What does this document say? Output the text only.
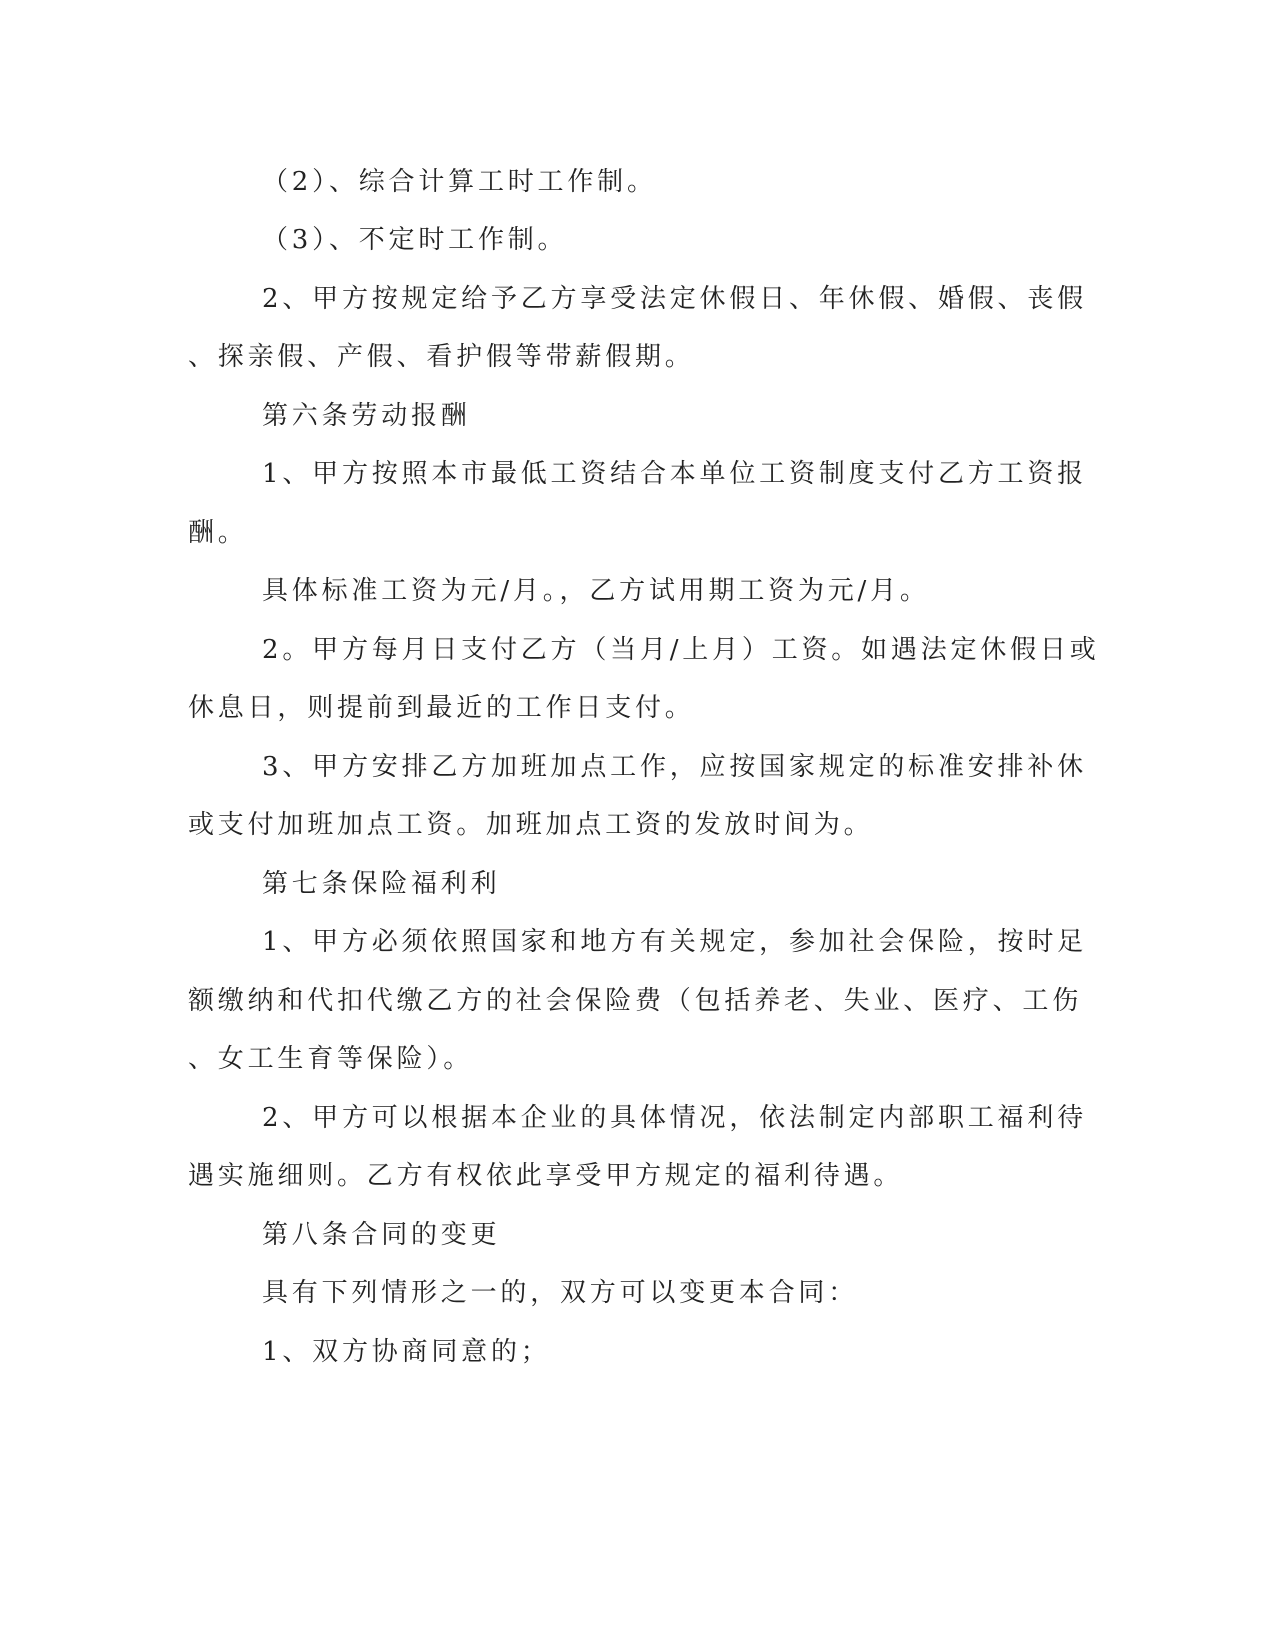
（2）、综合计算工时工作制。

（3）、不定时工作制。

2、甲方按规定给予乙方享受法定休假日、年休假、婚假、丧假

、探亲假、产假、看护假等带薪假期。

第六条劳动报酬

1、甲方按照本市最低工资结合本单位工资制度支付乙方工资报

酬。

具体标准工资为元/月。，乙方试用期工资为元/月。

2。甲方每月日支付乙方（当月/上月）工资。如遇法定休假日或

休息日，则提前到最近的工作日支付。

3、甲方安排乙方加班加点工作，应按国家规定的标准安排补休

或支付加班加点工资。加班加点工资的发放时间为。

第七条保险福利利

1、甲方必须依照国家和地方有关规定，参加社会保险，按时足

额缴纳和代扣代缴乙方的社会保险费（包括养老、失业、医疗、工伤

、女工生育等保险）。

2、甲方可以根据本企业的具体情况，依法制定内部职工福利待

遇实施细则。乙方有权依此享受甲方规定的福利待遇。

第八条合同的变更

具有下列情形之一的，双方可以变更本合同：

1、双方协商同意的；
